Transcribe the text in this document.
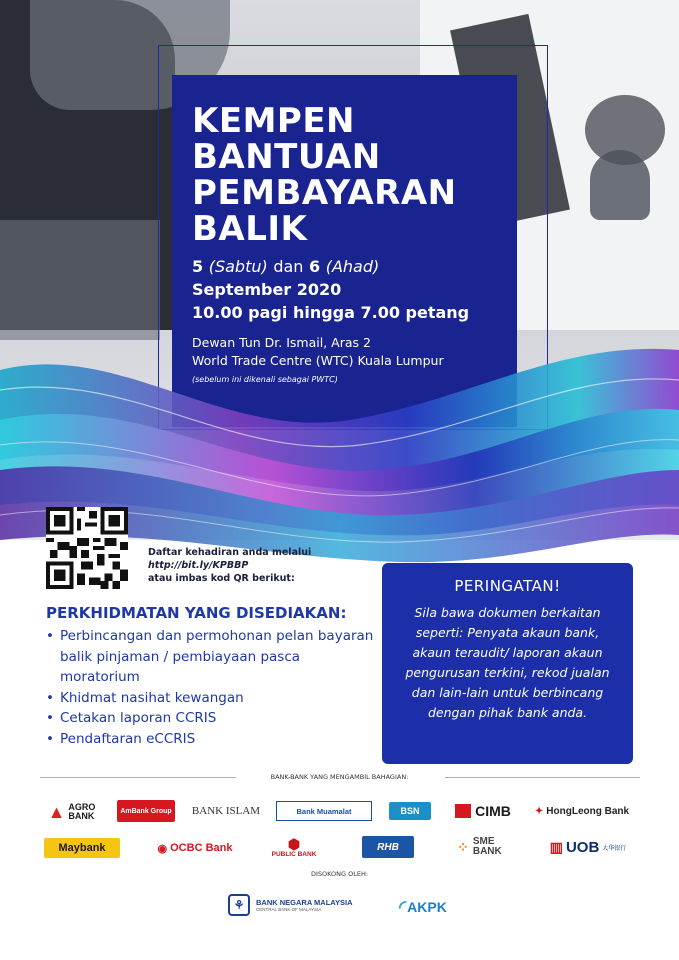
KEMPEN
BANTUAN
PEMBAYARAN
BALIK
5 (Sabtu) dan 6 (Ahad)
September 2020
10.00 pagi hingga 7.00 petang
Dewan Tun Dr. Ismail, Aras 2
World Trade Centre (WTC) Kuala Lumpur
(sebelum ini dikenali sebagai PWTC)
Daftar kehadiran anda melalui
http://bit.ly/KPBBP
atau imbas kod QR berikut:
PERKHIDMATAN YANG DISEDIAKAN:
• Perbincangan dan permohonan pelan bayaran balik pinjaman / pembiayaan pasca moratorium
• Khidmat nasihat kewangan
• Cetakan laporan CCRIS
• Pendaftaran eCCRIS
PERINGATAN!

Sila bawa dokumen berkaitan seperti: Penyata akaun bank, akaun teraudit/ laporan akaun pengurusan terkini, rekod jualan dan lain-lain untuk berbincang dengan pihak bank anda.

BANK-BANK YANG MENGAMBIL BAHAGIAN:
▲ AGRO BANK	AmBank Group BANK ISLAM	Bank Muamalat	BSN	CIMB ✦ HongLeong Bank
Maybank	◉ OCBC Bank	⬢
PUBLIC BANK
RHB	⁘ SME BANK	▥ UOB 大华银行
DISOKONG OLEH:
⚘	BANK NEGARA MALAYSIA
CENTRAL BANK OF MALAYSIA	◜ AKPK
